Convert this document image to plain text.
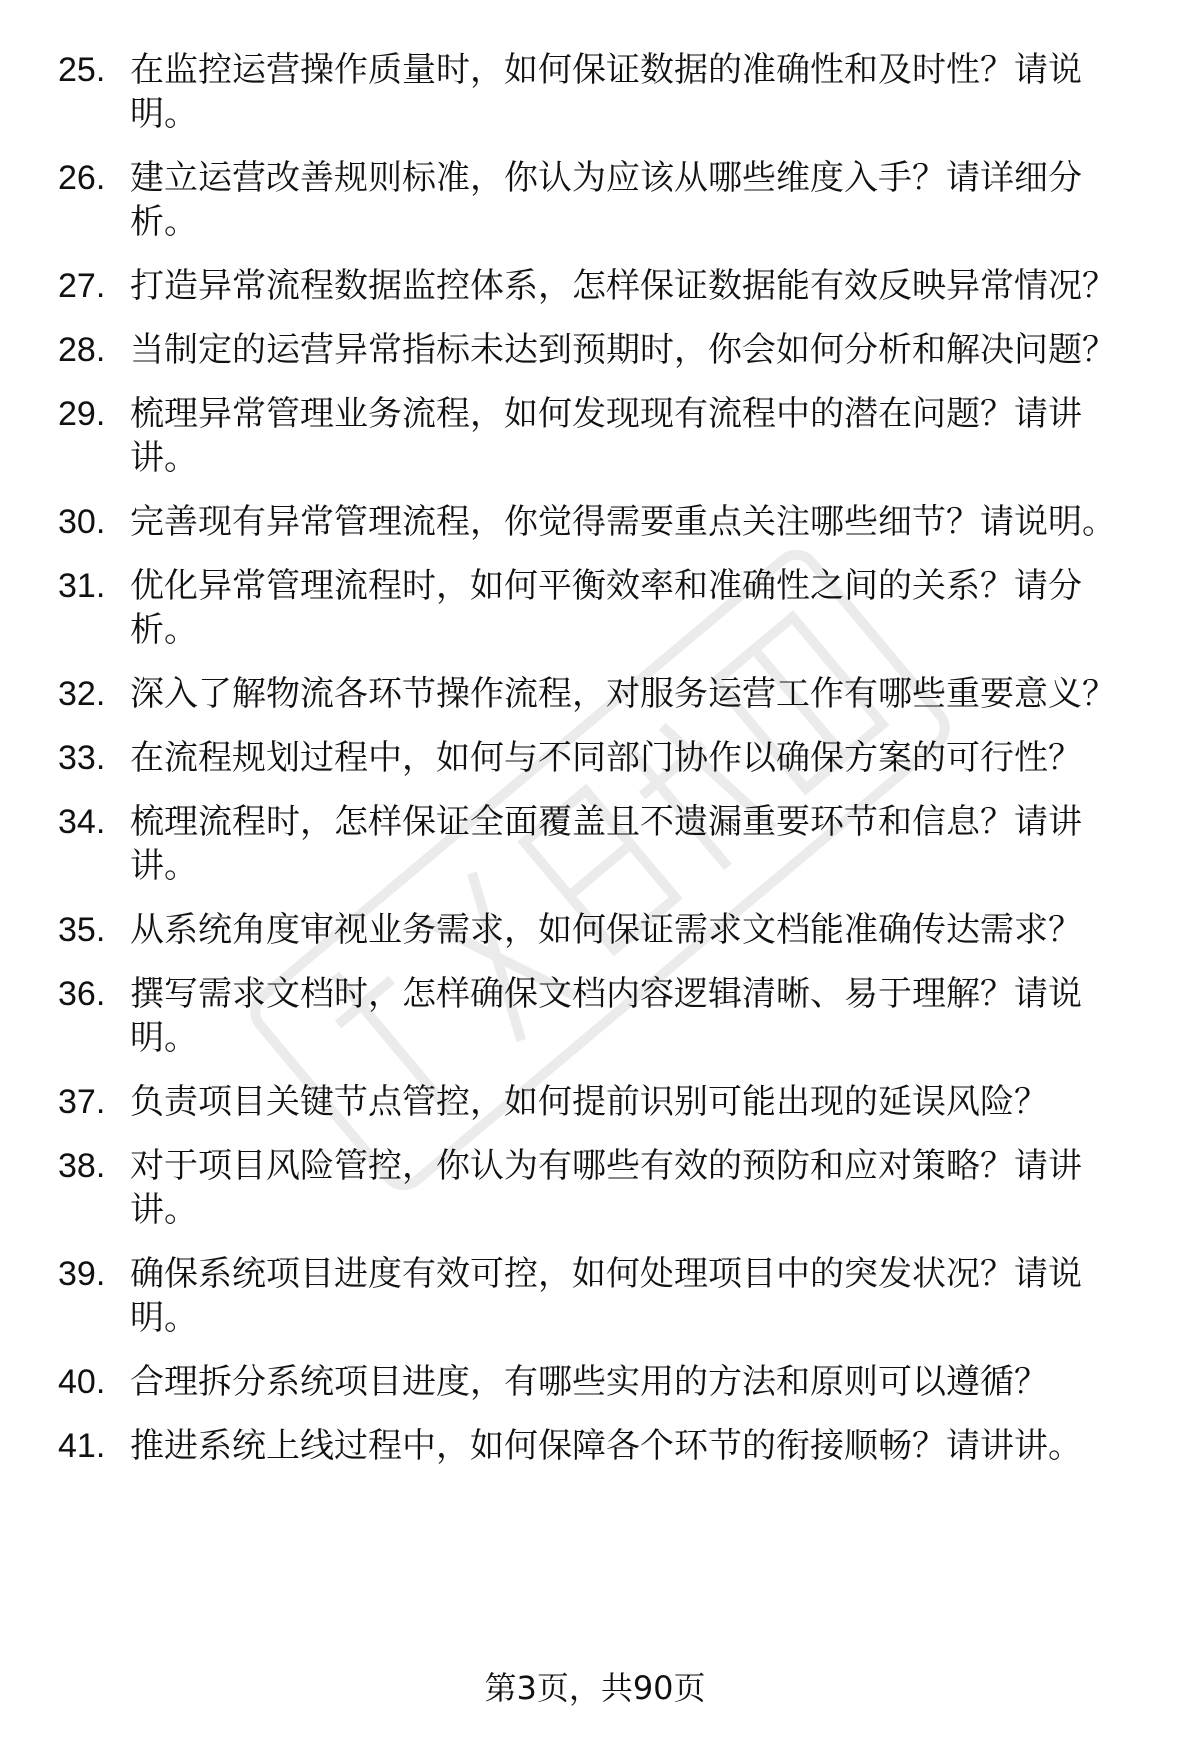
25. 在监控运营操作质量时，如何保证数据的准确性和及时性？请说明。
26. 建立运营改善规则标准，你认为应该从哪些维度入手？请详细分析。
27. 打造异常流程数据监控体系，怎样保证数据能有效反映异常情况？
28. 当制定的运营异常指标未达到预期时，你会如何分析和解决问题？
29. 梳理异常管理业务流程，如何发现现有流程中的潜在问题？请讲讲。
30. 完善现有异常管理流程，你觉得需要重点关注哪些细节？请说明。
31. 优化异常管理流程时，如何平衡效率和准确性之间的关系？请分析。
32. 深入了解物流各环节操作流程，对服务运营工作有哪些重要意义？
33. 在流程规划过程中，如何与不同部门协作以确保方案的可行性？
34. 梳理流程时，怎样保证全面覆盖且不遗漏重要环节和信息？请讲讲。
35. 从系统角度审视业务需求，如何保证需求文档能准确传达需求？
36. 撰写需求文档时，怎样确保文档内容逻辑清晰、易于理解？请说明。
37. 负责项目关键节点管控，如何提前识别可能出现的延误风险？
38. 对于项目风险管控，你认为有哪些有效的预防和应对策略？请讲讲。
39. 确保系统项目进度有效可控，如何处理项目中的突发状况？请说明。
40. 合理拆分系统项目进度，有哪些实用的方法和原则可以遵循？
41. 推进系统上线过程中，如何保障各个环节的衔接顺畅？请讲讲。
第3页，共90页
